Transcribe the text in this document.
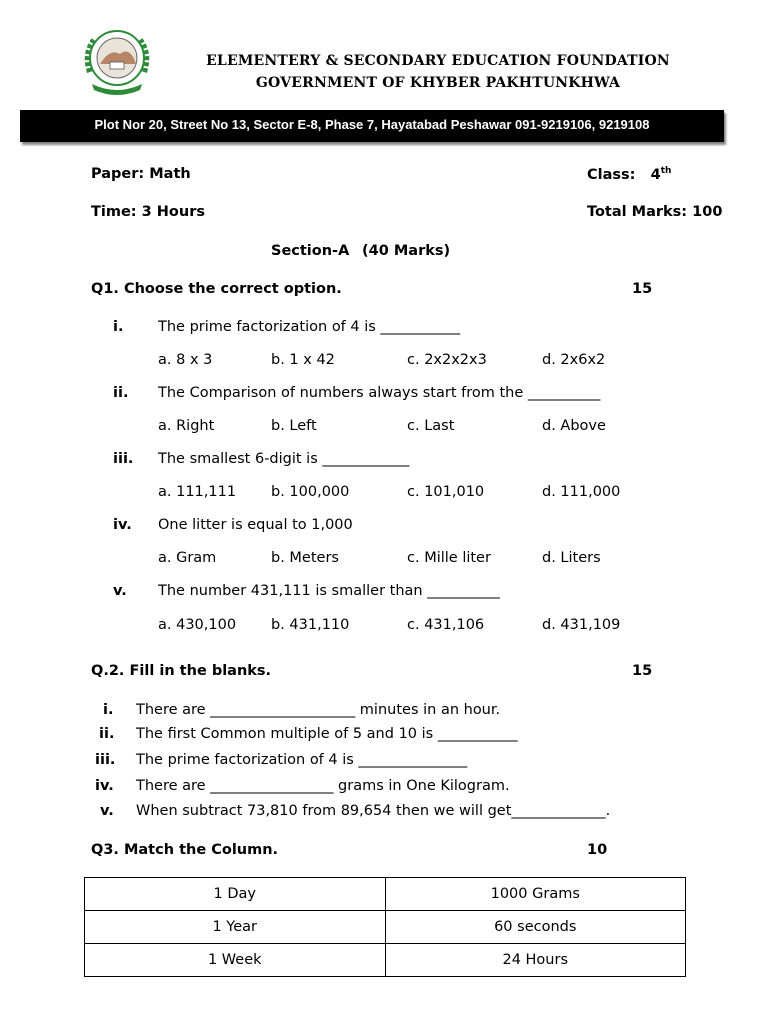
ELEMENTERY & SECONDARY EDUCATION FOUNDATION
GOVERNMENT OF KHYBER PAKHTUNKHWA
Plot Nor 20, Street No 13, Sector E-8, Phase 7, Hayatabad Peshawar 091-9219106, 9219108
Paper: Math	Class: 4th
Time: 3 Hours	Total Marks: 100
Section-A (40 Marks)
Q1. Choose the correct option.	15
i. The prime factorization of 4 is ___________
a. 8 x 3	b. 1 x 42	c. 2x2x2x3	d. 2x6x2
ii. The Comparison of numbers always start from the __________
a. Right	b. Left	c. Last	d. Above
iii. The smallest 6-digit is ____________
a. 111,111 b. 100,000	c. 101,010	d. 111,000
iv. One litter is equal to 1,000
a. Gram	b. Meters	c. Mille liter	d. Liters
v. The number 431,111 is smaller than __________
a. 430,100 b. 431,110	c. 431,106	d. 431,109
Q.2. Fill in the blanks.	15
i. There are ____________________ minutes in an hour.
ii. The first Common multiple of 5 and 10 is ___________
iii. The prime factorization of 4 is _______________
iv. There are _________________ grams in One Kilogram.
v. When subtract 73,810 from 89,654 then we will get_____________.
Q3. Match the Column.	10
1 Day	1000 Grams
1 Year	60 seconds
1 Week	24 Hours
